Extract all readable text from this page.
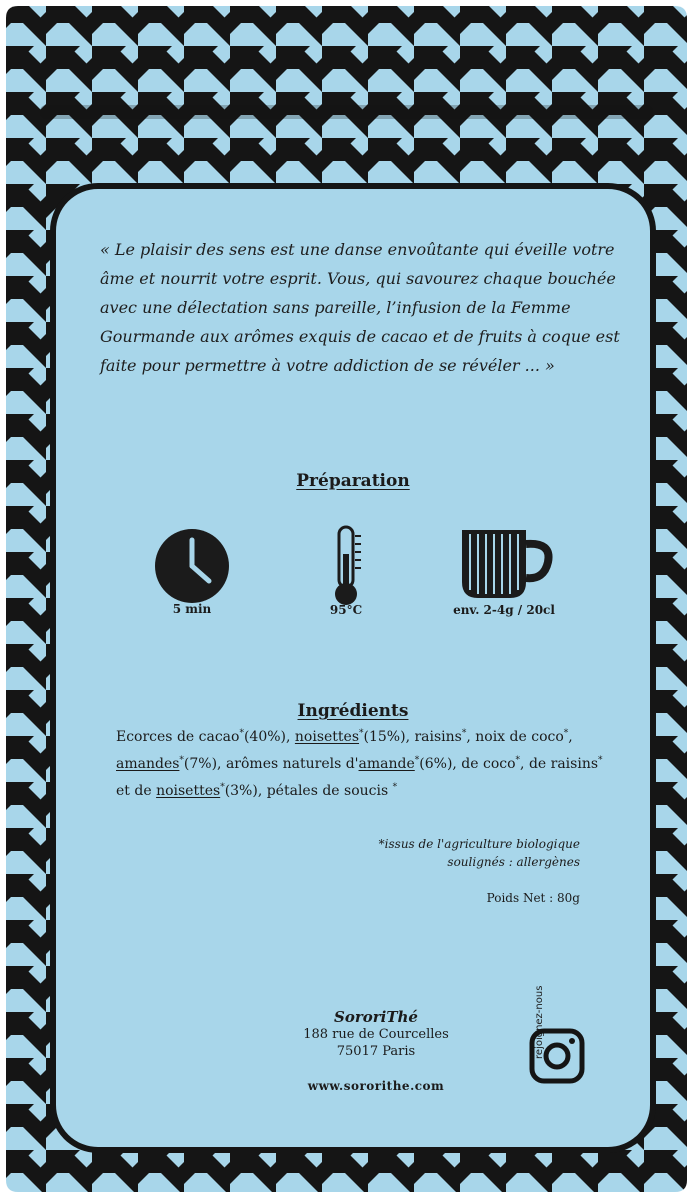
« Le plaisir des sens est une danse envoûtante qui éveille votre âme et nourrit votre esprit. Vous, qui savourez chaque bouchée avec une délectation sans pareille, l’infusion de la Femme Gourmande aux arômes exquis de cacao et de fruits à coque est faite pour permettre à votre addiction de se révéler ... »

Préparation
5 min	95°C	env. 2-4g / 20cl
Ingrédients

Ecorces de cacao*(40%), noisettes*(15%), raisins*, noix de coco*, amandes*(7%), arômes naturels d'amande*(6%), de coco*, de raisins* et de noisettes*(3%), pétales de soucis *

*issus de l'agriculture biologique
soulignés : allergènes
Poids Net : 80g
SororiThé
188 rue de Courcelles
75017 Paris
www.sororithe.com
rejoignez-nous
